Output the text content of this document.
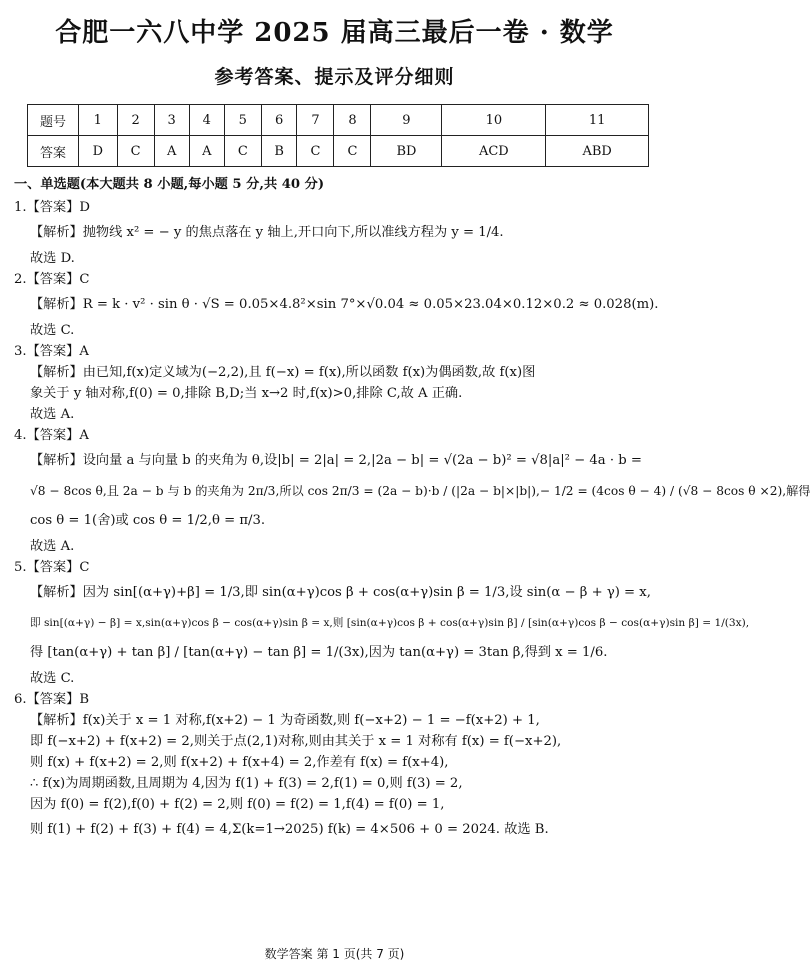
合肥一六八中学 2025 届高三最后一卷 · 数学
参考答案、提示及评分细则
题号	1	2	3	4	5	6	7	8	9	10	11
答案	D	C	A	A	C	B	C	C	BD	ACD	ABD
一、单选题(本大题共 8 小题,每小题 5 分,共 40 分)
1.【答案】D
【解析】抛物线 x² = − y 的焦点落在 y 轴上,开口向下,所以准线方程为 y = 1/4.
故选 D.
2.【答案】C
【解析】R = k · v² · sin θ · √S = 0.05×4.8²×sin 7°×√0.04 ≈ 0.05×23.04×0.12×0.2 ≈ 0.028(m).
故选 C.
3.【答案】A
【解析】由已知,f(x)定义域为(−2,2),且 f(−x) = f(x),所以函数 f(x)为偶函数,故 f(x)图
象关于 y 轴对称,f(0) = 0,排除 B,D;当 x→2 时,f(x)>0,排除 C,故 A 正确.
故选 A.
4.【答案】A
【解析】设向量 a 与向量 b 的夹角为 θ,设|b| = 2|a| = 2,|2a − b| = √(2a − b)² = √8|a|² − 4a · b =
√8 − 8cos θ,且 2a − b 与 b 的夹角为 2π/3,所以 cos 2π/3 = (2a − b)·b / (|2a − b|×|b|),− 1/2 = (4cos θ − 4) / (√8 − 8cos θ ×2),解得
cos θ = 1(舍)或 cos θ = 1/2,θ = π/3.
故选 A.
5.【答案】C
【解析】因为 sin[(α+γ)+β] = 1/3,即 sin(α+γ)cos β + cos(α+γ)sin β = 1/3,设 sin(α − β + γ) = x,
即 sin[(α+γ) − β] = x,sin(α+γ)cos β − cos(α+γ)sin β = x,则 [sin(α+γ)cos β + cos(α+γ)sin β] / [sin(α+γ)cos β − cos(α+γ)sin β] = 1/(3x),
得 [tan(α+γ) + tan β] / [tan(α+γ) − tan β] = 1/(3x),因为 tan(α+γ) = 3tan β,得到 x = 1/6.
故选 C.
6.【答案】B
【解析】f(x)关于 x = 1 对称,f(x+2) − 1 为奇函数,则 f(−x+2) − 1 = −f(x+2) + 1,
即 f(−x+2) + f(x+2) = 2,则关于点(2,1)对称,则由其关于 x = 1 对称有 f(x) = f(−x+2),
则 f(x) + f(x+2) = 2,则 f(x+2) + f(x+4) = 2,作差有 f(x) = f(x+4),
∴ f(x)为周期函数,且周期为 4,因为 f(1) + f(3) = 2,f(1) = 0,则 f(3) = 2,
因为 f(0) = f(2),f(0) + f(2) = 2,则 f(0) = f(2) = 1,f(4) = f(0) = 1,
则 f(1) + f(2) + f(3) + f(4) = 4,Σ(k=1→2025) f(k) = 4×506 + 0 = 2024. 故选 B.
数学答案 第 1 页(共 7 页)
